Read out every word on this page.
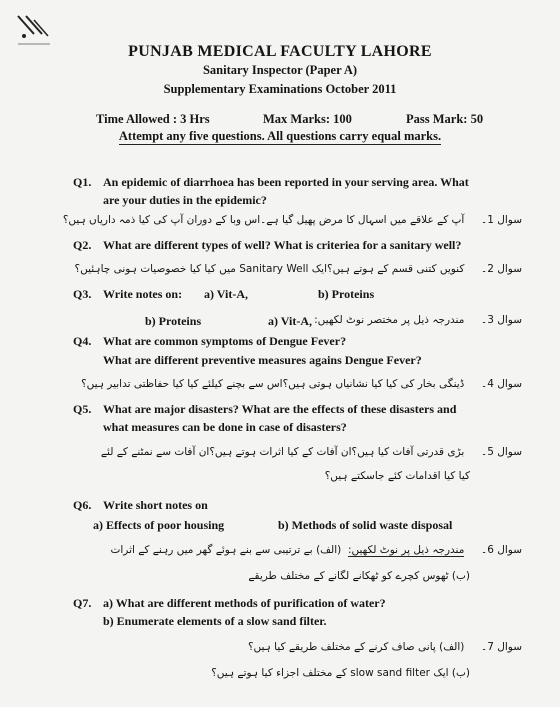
PUNJAB MEDICAL FACULTY LAHORE
Sanitary Inspector (Paper A)
Supplementary Examinations October 2011
Time Allowed : 3 Hrs	Max Marks: 100	Pass Mark: 50
Attempt any five questions. All questions carry equal marks.
Q1. An epidemic of diarrhoea has been reported in your serving area. What
are your duties in the epidemic?
سوال 1۔     آپ کے علاقے میں اسہال کا مرض پھیل گیا ہے۔اس وبا کے دوران آپ کی کیا ذمہ داریاں ہیں؟
Q2. What are different types of well? What is criteriea for a sanitary well?
سوال 2۔     کنویں کتنی قسم کے ہوتے ہیں؟ایک Sanitary Well میں کیا کیا خصوصیات ہونی چاہئیں؟
Q3. Write notes on: a) Vit-A,	b) Proteins
b) Proteins	a) Vit-A,	سوال 3۔     مندرجہ ذیل پر مختصر نوٹ لکھیں:
Q4. What are common symptoms of Dengue Fever?
What are different preventive measures agains Dengue Fever?
سوال 4۔     ڈینگی بخار کی کیا کیا نشانیاں ہوتی ہیں؟اس سے بچنے کیلئے کیا کیا حفاظتی تدابیر ہیں؟
Q5. What are major disasters? What are the effects of these disasters and
what measures can be done in case of disasters?
سوال 5۔     بڑی قدرتی آفات کیا ہیں؟ان آفات کے کیا اثرات ہوتے ہیں؟ان آفات سے نمٹنے کے لئے
کیا کیا اقدامات کئے جاسکتے ہیں؟
Q6. Write short notes on
a) Effects of poor housing	b) Methods of solid waste disposal
سوال 6۔     مندرجہ ذیل پر نوٹ لکھیں:  (الف) بے ترتیبی سے بنے ہوئے گھر میں رہنے کے اثرات
(ب) ٹھوس کچرے کو ٹھکانے لگانے کے مختلف طریقے
Q7. a) What are different methods of purification of water?
b) Enumerate elements of a slow sand filter.
سوال 7۔     (الف) پانی صاف کرنے کے مختلف طریقے کیا ہیں؟
(ب) ایک slow sand filter کے مختلف اجزاء کیا ہوتے ہیں؟
